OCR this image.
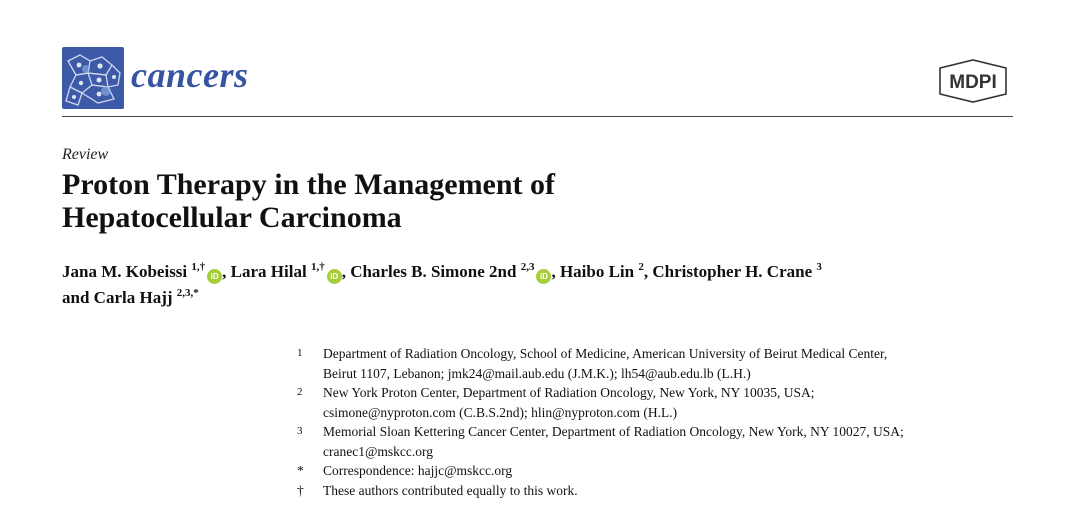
cancers	MDPI
Review
Proton Therapy in the Management of
Hepatocellular Carcinoma
Jana M. Kobeissi $^{1,\dagger}$iD , Lara Hilal $^{1,\dagger}$iD , Charles B. Simone 2nd $^{2,3}$iD , Haibo Lin $^2$, Christopher H. Crane $^3$
and Carla Hajj $^{2,3,*}$
1	Department of Radiation Oncology, School of Medicine, American University of Beirut Medical Center,
Beirut 1107, Lebanon; jmk24@mail.aub.edu (J.M.K.); lh54@aub.edu.lb (L.H.)
2	New York Proton Center, Department of Radiation Oncology, New York, NY 10035, USA;
csimone@nyproton.com (C.B.S.2nd); hlin@nyproton.com (H.L.)
3	Memorial Sloan Kettering Cancer Center, Department of Radiation Oncology, New York, NY 10027, USA;
cranec1@mskcc.org
*	Correspondence: hajjc@mskcc.org
†	These authors contributed equally to this work.
